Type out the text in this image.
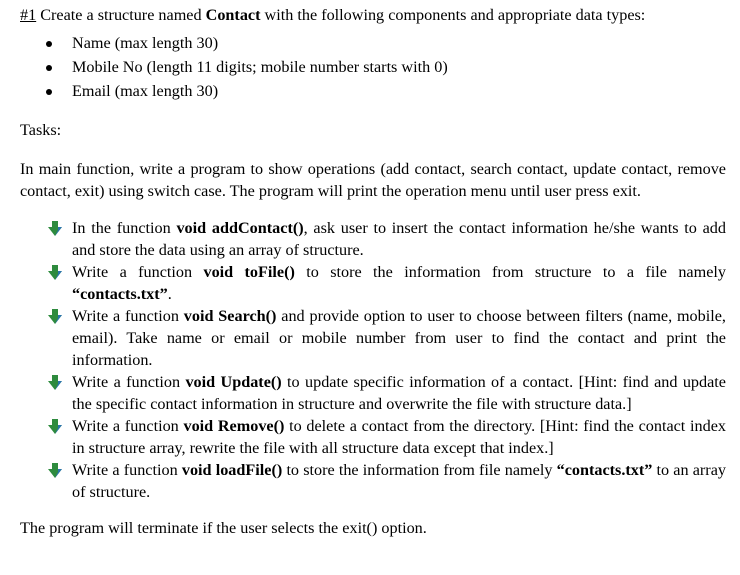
#1 Create a structure named Contact with the following components and appropriate data types:

Name (max length 30)
Mobile No (length 11 digits; mobile number starts with 0)
Email (max length 30)

Tasks:

In main function, write a program to show operations (add contact, search contact, update contact, remove contact, exit) using switch case. The program will print the operation menu until user press exit.

In the function void addContact(), ask user to insert the contact information he/she wants to add and store the data using an array of structure.
Write a function void toFile() to store the information from structure to a file namely “contacts.txt”.
Write a function void Search() and provide option to user to choose between filters (name, mobile, email). Take name or email or mobile number from user to find the contact and print the information.
Write a function void Update() to update specific information of a contact. [Hint: find and update the specific contact information in structure and overwrite the file with structure data.]
Write a function void Remove() to delete a contact from the directory. [Hint: find the contact index in structure array, rewrite the file with all structure data except that index.]
Write a function void loadFile() to store the information from file namely “contacts.txt” to an array of structure.

The program will terminate if the user selects the exit() option.
